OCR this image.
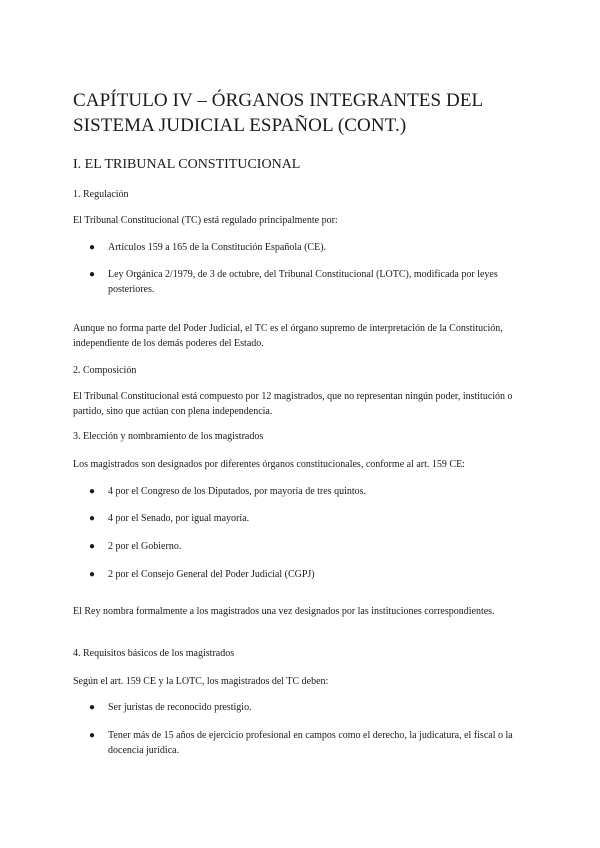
CAPÍTULO IV – ÓRGANOS INTEGRANTES DEL
SISTEMA JUDICIAL ESPAÑOL (CONT.)
I. EL TRIBUNAL CONSTITUCIONAL
1. Regulación
El Tribunal Constitucional (TC) está regulado principalmente por:
●	Artículos 159 a 165 de la Constitución Española (CE).
●	Ley Orgánica 2/1979, de 3 de octubre, del Tribunal Constitucional (LOTC), modificada por leyes posteriores.
Aunque no forma parte del Poder Judicial, el TC es el órgano supremo de interpretación de la Constitución, independiente de los demás poderes del Estado.
2. Composición
El Tribunal Constitucional está compuesto por 12 magistrados, que no representan ningún poder, institución o partido, sino que actúan con plena independencia.
3. Elección y nombramiento de los magistrados
Los magistrados son designados por diferentes órganos constitucionales, conforme al art. 159 CE:
●	4 por el Congreso de los Diputados, por mayoría de tres quintos.
●	4 por el Senado, por igual mayoría.
●	2 por el Gobierno.
●	2 por el Consejo General del Poder Judicial (CGPJ)
El Rey nombra formalmente a los magistrados una vez designados por las instituciones correspondientes.
4. Requisitos básicos de los magistrados
Según el art. 159 CE y la LOTC, los magistrados del TC deben:
●	Ser juristas de reconocido prestigio.
●	Tener más de 15 años de ejercicio profesional en campos como el derecho, la judicatura, el fiscal o la docencia jurídica.
